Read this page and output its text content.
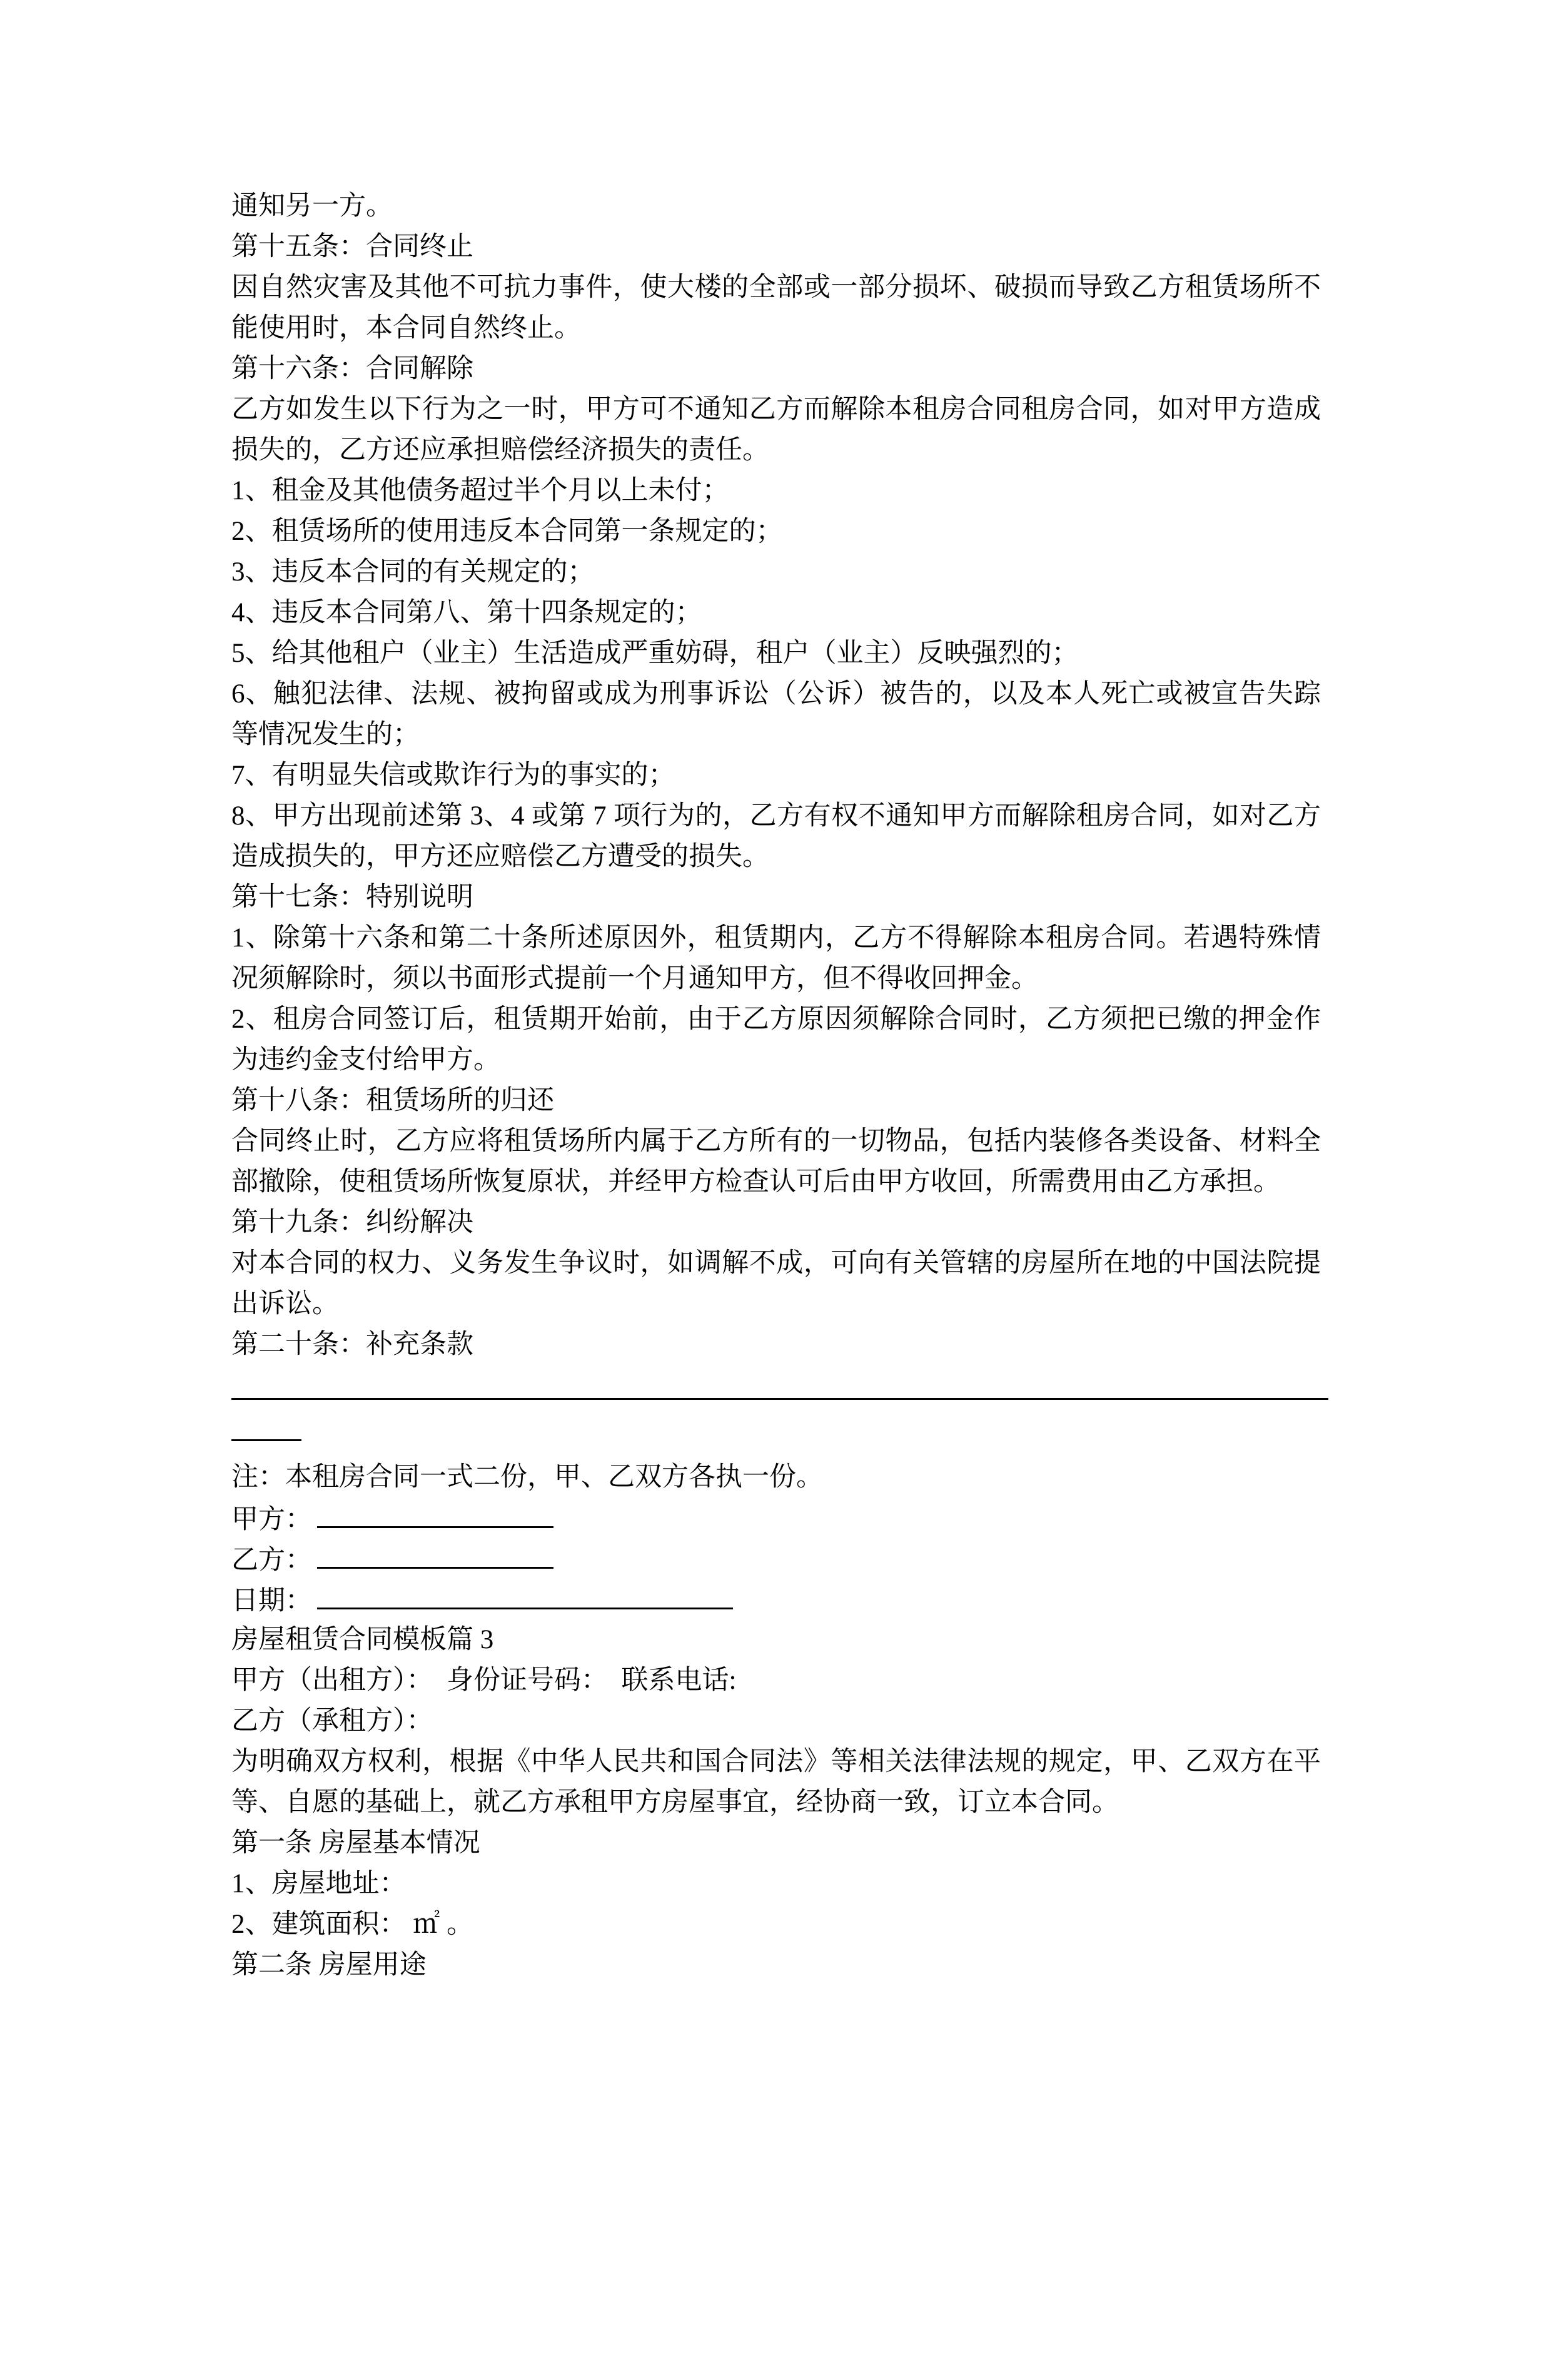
通知另一方。
第十五条：合同终止
因自然灾害及其他不可抗力事件，使大楼的全部或一部分损坏、破损而导致乙方租赁场所不
能使用时，本合同自然终止。
第十六条：合同解除
乙方如发生以下行为之一时，甲方可不通知乙方而解除本租房合同租房合同，如对甲方造成
损失的，乙方还应承担赔偿经济损失的责任。
1、租金及其他债务超过半个月以上未付；
2、租赁场所的使用违反本合同第一条规定的；
3、违反本合同的有关规定的；
4、违反本合同第八、第十四条规定的；
5、给其他租户（业主）生活造成严重妨碍，租户（业主）反映强烈的；
6、触犯法律、法规、被拘留或成为刑事诉讼（公诉）被告的，以及本人死亡或被宣告失踪
等情况发生的；
7、有明显失信或欺诈行为的事实的；
8、甲方出现前述第 3、4 或第 7 项行为的，乙方有权不通知甲方而解除租房合同，如对乙方
造成损失的，甲方还应赔偿乙方遭受的损失。
第十七条：特别说明
1、除第十六条和第二十条所述原因外，租赁期内，乙方不得解除本租房合同。若遇特殊情
况须解除时，须以书面形式提前一个月通知甲方，但不得收回押金。
2、租房合同签订后，租赁期开始前，由于乙方原因须解除合同时，乙方须把已缴的押金作
为违约金支付给甲方。
第十八条：租赁场所的归还
合同终止时，乙方应将租赁场所内属于乙方所有的一切物品，包括内装修各类设备、材料全
部撤除，使租赁场所恢复原状，并经甲方检查认可后由甲方收回，所需费用由乙方承担。
第十九条：纠纷解决
对本合同的权力、义务发生争议时，如调解不成，可向有关管辖的房屋所在地的中国法院提
出诉讼。
第二十条：补充条款
注：本租房合同一式二份，甲、乙双方各执一份。
甲方：
乙方：
日期：
房屋租赁合同模板篇 3
甲方（出租方）：　身份证号码：　联系电话:
乙方（承租方）：
为明确双方权利，根据《中华人民共和国合同法》等相关法律法规的规定，甲、乙双方在平
等、自愿的基础上，就乙方承租甲方房屋事宜，经协商一致，订立本合同。
第一条 房屋基本情况
1、房屋地址：
2、建筑面积： ㎡ 。
第二条 房屋用途
